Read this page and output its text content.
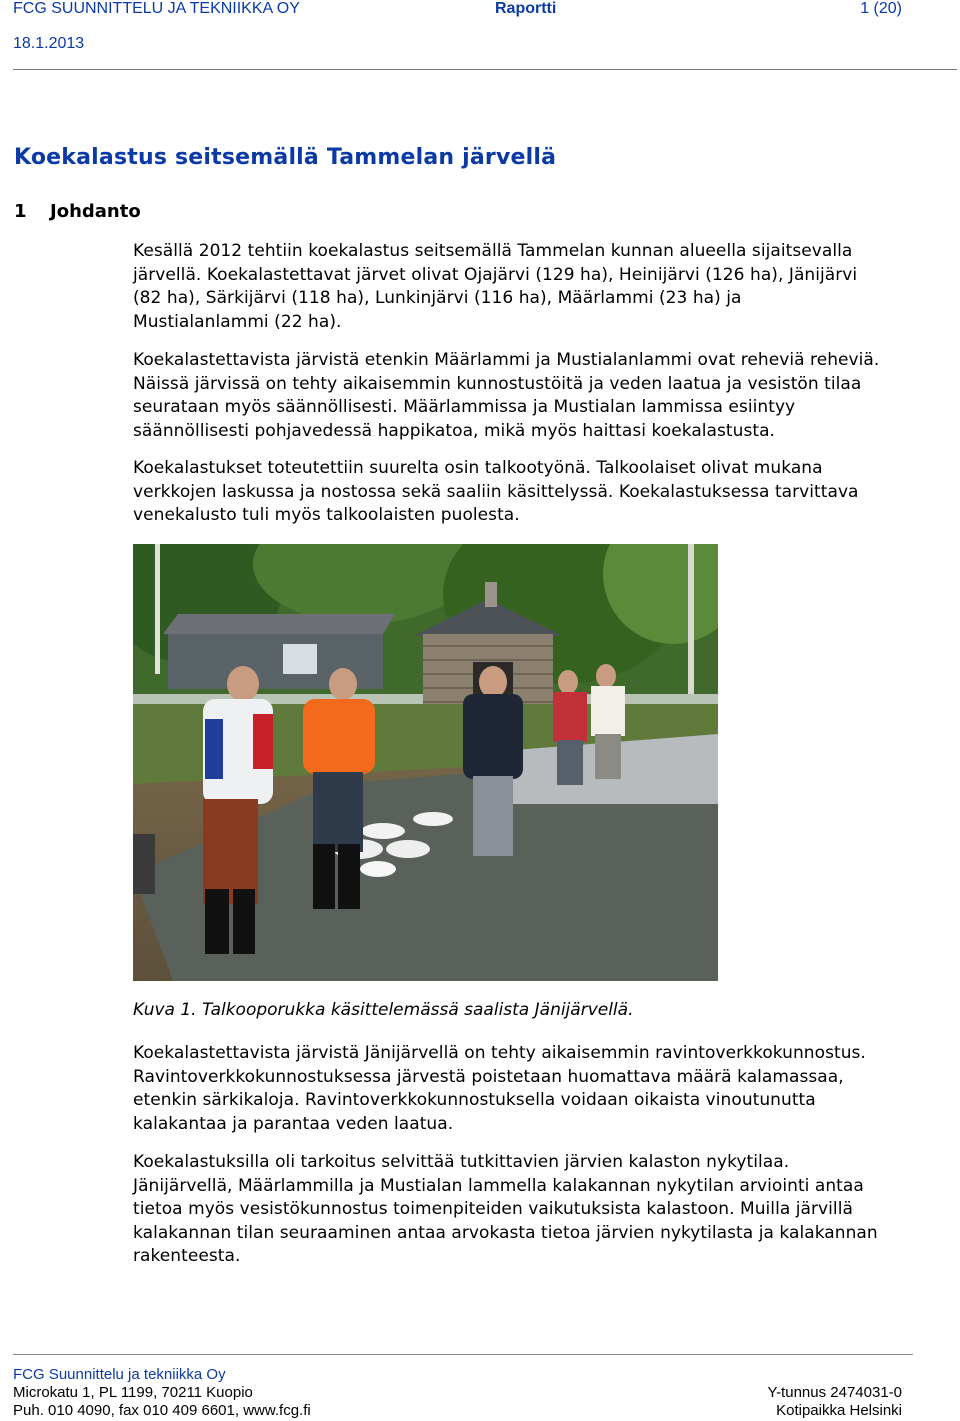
FCG SUUNNITTELU JA TEKNIIKKA OY	Raportti	1 (20)
18.1.2013
Koekalastus seitsemällä Tammelan järvellä
1 Johdanto

Kesällä 2012 tehtiin koekalastus seitsemällä Tammelan kunnan alueella sijaitsevalla
järvellä. Koekalastettavat järvet olivat Ojajärvi (129 ha), Heinijärvi (126 ha), Jänijärvi
(82 ha), Särkijärvi (118 ha), Lunkinjärvi (116 ha), Määrlammi (23 ha) ja
Mustialanlammi (22 ha).

Koekalastettavista järvistä etenkin Määrlammi ja Mustialanlammi ovat reheviä reheviä.
Näissä järvissä on tehty aikaisemmin kunnostustöitä ja veden laatua ja vesistön tilaa
seurataan myös säännöllisesti. Määrlammissa ja Mustialan lammissa esiintyy
säännöllisesti pohjavedessä happikatoa, mikä myös haittasi koekalastusta.

Koekalastukset toteutettiin suurelta osin talkootyönä. Talkoolaiset olivat mukana
verkkojen laskussa ja nostossa sekä saaliin käsittelyssä. Koekalastuksessa tarvittava
venekalusto tuli myös talkoolaisten puolesta.

Kuva 1. Talkooporukka käsittelemässä saalista Jänijärvellä.

Koekalastettavista järvistä Jänijärvellä on tehty aikaisemmin ravintoverkkokunnostus.
Ravintoverkkokunnostuksessa järvestä poistetaan huomattava määrä kalamassaa,
etenkin särkikaloja. Ravintoverkkokunnostuksella voidaan oikaista vinoutunutta
kalakantaa ja parantaa veden laatua.

Koekalastuksilla oli tarkoitus selvittää tutkittavien järvien kalaston nykytilaa.
Jänijärvellä, Määrlammilla ja Mustialan lammella kalakannan nykytilan arviointi antaa
tietoa myös vesistökunnostus toimenpiteiden vaikutuksista kalastoon. Muilla järvillä
kalakannan tilan seuraaminen antaa arvokasta tietoa järvien nykytilasta ja kalakannan
rakenteesta.

FCG Suunnittelu ja tekniikka Oy
Microkatu 1, PL 1199, 70211 Kuopio
Puh. 010 4090, fax 010 409 6601, www.fcg.fi
Y-tunnus 2474031-0
Kotipaikka Helsinki
